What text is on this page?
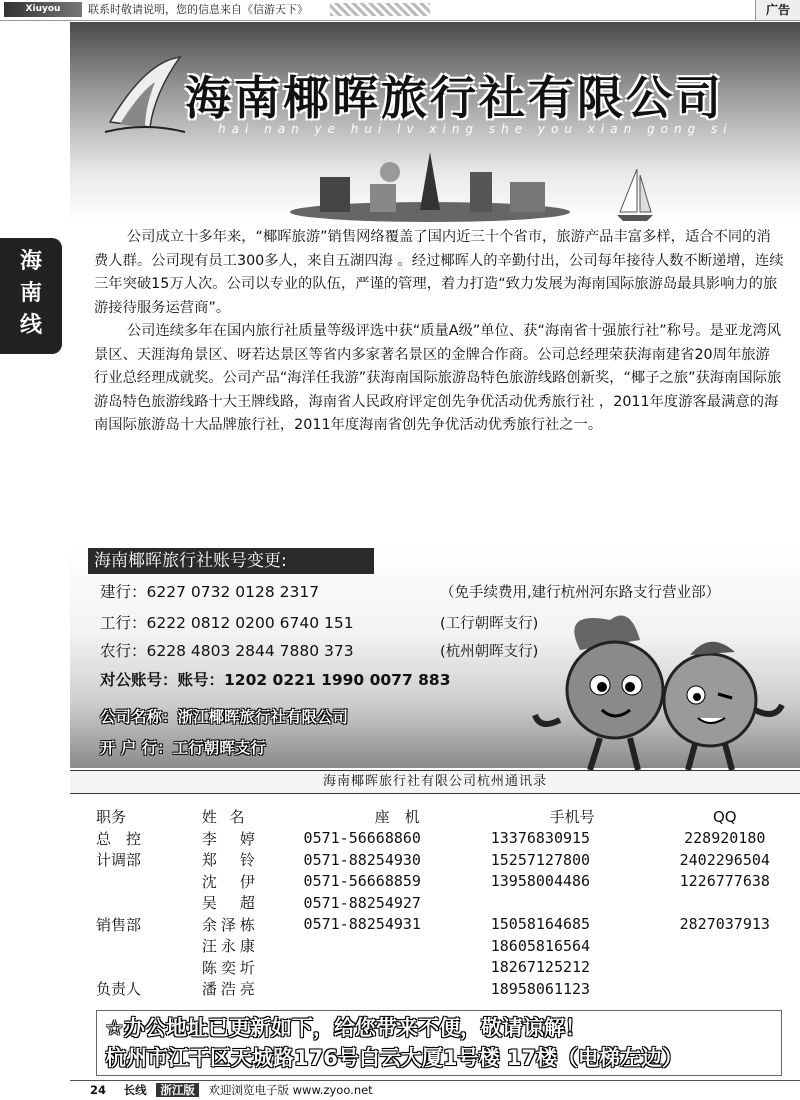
Xiuyou	联系时敬请说明，您的信息来自《信游天下》	广告
海
南
线
海南椰晖旅行社有限公司
hai nan ye hui lv xing she you xian gong si

公司成立十多年来，“椰晖旅游”销售网络覆盖了国内近三十个省市，旅游产品丰富多样，适合不同的消费人群。公司现有员工300多人，来自五湖四海 。经过椰晖人的辛勤付出，公司每年接待人数不断递增，连续三年突破15万人次。公司以专业的队伍，严谨的管理，着力打造“致力发展为海南国际旅游岛最具影响力的旅游接待服务运营商”。

公司连续多年在国内旅行社质量等级评选中获“质量A级”单位、获“海南省十强旅行社”称号。是亚龙湾风景区、天涯海角景区、呀若达景区等省内多家著名景区的金牌合作商。公司总经理荣获海南建省20周年旅游行业总经理成就奖。公司产品“海洋任我游”获海南国际旅游岛特色旅游线路创新奖，“椰子之旅”获海南国际旅游岛特色旅游线路十大王牌线路，海南省人民政府评定创先争优活动优秀旅行社 ，2011年度游客最满意的海南国际旅游岛十大品牌旅行社，2011年度海南省创先争优活动优秀旅行社之一。

海南椰晖旅行社账号变更:
建行：6227 0732 0128 2317	（免手续费用,建行杭州河东路支行营业部）
工行：6222 0812 0200 6740 151	(工行朝晖支行)
农行：6228 4803 2844 7880 373	(杭州朝晖支行)
对公账号：账号：1202 0221 1990 0077 883
公司名称：浙江椰晖旅行社有限公司
开 户 行：工行朝晖支行
海南椰晖旅行社有限公司杭州通讯录
职务	姓 名	座　机	手机号	QQ
总　控	李　婷	0571-56668860	13376830915	228920180
计调部	郑　铃	0571-88254930	15257127800	2402296504
	沈　伊	0571-56668859	13958004486	1226777638
	吴　超	0571-88254927		
销售部	余泽栋	0571-88254931	15058164685	2827037913
	汪永康		18605816564	
	陈奕圻		18267125212	
负责人	潘浩亮		18958061123	
☆办公地址已更新如下，给您带来不便，敬请谅解！
杭州市江干区天城路176号白云大厦1号楼 17楼（电梯左边）
24 长线 浙江版 欢迎浏览电子版 www.zyoo.net
